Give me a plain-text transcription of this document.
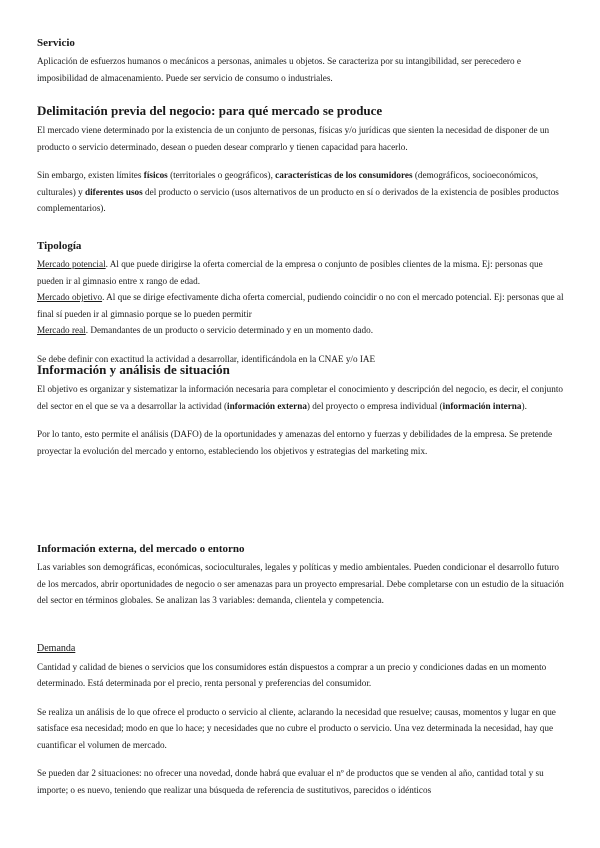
Servicio

Aplicación de esfuerzos humanos o mecánicos a personas, animales u objetos. Se caracteriza por su intangibilidad, ser perecedero e imposibilidad de almacenamiento. Puede ser servicio de consumo o industriales.

Delimitación previa del negocio: para qué mercado se produce

El mercado viene determinado por la existencia de un conjunto de personas, físicas y/o jurídicas que sienten la necesidad de disponer de un producto o servicio determinado, desean o pueden desear comprarlo y tienen capacidad para hacerlo.

Sin embargo, existen límites físicos (territoriales o geográficos), características de los consumidores (demográficos, socioeconómicos, culturales) y diferentes usos del producto o servicio (usos alternativos de un producto en sí o derivados de la existencia de posibles productos complementarios).

Tipología

Mercado potencial. Al que puede dirigirse la oferta comercial de la empresa o conjunto de posibles clientes de la misma. Ej: personas que pueden ir al gimnasio entre x rango de edad.

Mercado objetivo. Al que se dirige efectivamente dicha oferta comercial, pudiendo coincidir o no con el mercado potencial. Ej: personas que al final sí pueden ir al gimnasio porque se lo pueden permitir

Mercado real. Demandantes de un producto o servicio determinado y en un momento dado.

Se debe definir con exactitud la actividad a desarrollar, identificándola en la CNAE y/o IAE

Información y análisis de situación

El objetivo es organizar y sistematizar la información necesaria para completar el conocimiento y descripción del negocio, es decir, el conjunto del sector en el que se va a desarrollar la actividad (información externa) del proyecto o empresa individual (información interna).

Por lo tanto, esto permite el análisis (DAFO) de la oportunidades y amenazas del entorno y fuerzas y debilidades de la empresa. Se pretende proyectar la evolución del mercado y entorno, estableciendo los objetivos y estrategias del marketing mix.

Información externa, del mercado o entorno

Las variables son demográficas, económicas, socioculturales, legales y políticas y medio ambientales. Pueden condicionar el desarrollo futuro de los mercados, abrir oportunidades de negocio o ser amenazas para un proyecto empresarial. Debe completarse con un estudio de la situación del sector en términos globales. Se analizan las 3 variables: demanda, clientela y competencia.

Demanda

Cantidad y calidad de bienes o servicios que los consumidores están dispuestos a comprar a un precio y condiciones dadas en un momento determinado. Está determinada por el precio, renta personal y preferencias del consumidor.

Se realiza un análisis de lo que ofrece el producto o servicio al cliente, aclarando la necesidad que resuelve; causas, momentos y lugar en que satisface esa necesidad; modo en que lo hace; y necesidades que no cubre el producto o servicio. Una vez determinada la necesidad, hay que cuantificar el volumen de mercado.

Se pueden dar 2 situaciones: no ofrecer una novedad, donde habrá que evaluar el nº de productos que se venden al año, cantidad total y su importe; o es nuevo, teniendo que realizar una búsqueda de referencia de sustitutivos, parecidos o idénticos
